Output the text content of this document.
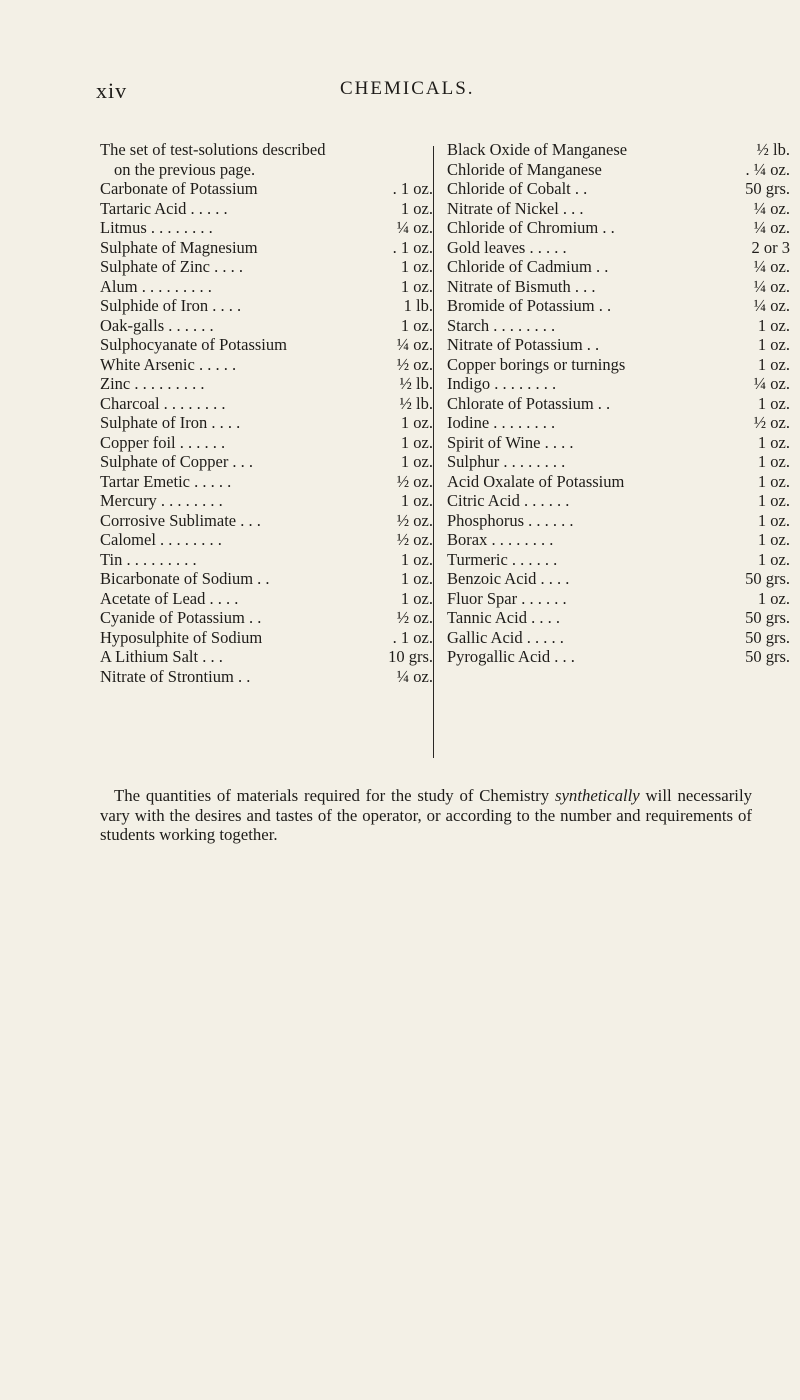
xiv	CHEMICALS.
The set of test-solutions described
on the previous page.
Carbonate of Potassium	. 1 oz.
Tartaric Acid . . . . .	1 oz.
Litmus . . . . . . . .	¼ oz.
Sulphate of Magnesium	. 1 oz.
Sulphate of Zinc . . . .	1 oz.
Alum . . . . . . . . .	1 oz.
Sulphide of Iron . . . .	1 lb.
Oak-galls . . . . . .	1 oz.
Sulphocyanate of Potassium	¼ oz.
White Arsenic . . . . .	½ oz.
Zinc . . . . . . . . .	½ lb.
Charcoal . . . . . . . .	½ lb.
Sulphate of Iron . . . .	1 oz.
Copper foil . . . . . .	1 oz.
Sulphate of Copper . . .	1 oz.
Tartar Emetic . . . . .	½ oz.
Mercury . . . . . . . .	1 oz.
Corrosive Sublimate . . .	½ oz.
Calomel . . . . . . . .	½ oz.
Tin . . . . . . . . .	1 oz.
Bicarbonate of Sodium . .	1 oz.
Acetate of Lead . . . .	1 oz.
Cyanide of Potassium . .	½ oz.
Hyposulphite of Sodium	. 1 oz.
A Lithium Salt . . .	10 grs.
Nitrate of Strontium . .	¼ oz.
Black Oxide of Manganese	½ lb.
Chloride of Manganese	. ¼ oz.
Chloride of Cobalt . .	50 grs.
Nitrate of Nickel . . .	¼ oz.
Chloride of Chromium . .	¼ oz.
Gold leaves . . . . .	2 or 3
Chloride of Cadmium . .	¼ oz.
Nitrate of Bismuth . . .	¼ oz.
Bromide of Potassium . .	¼ oz.
Starch . . . . . . . .	1 oz.
Nitrate of Potassium . .	1 oz.
Copper borings or turnings	1 oz.
Indigo . . . . . . . .	¼ oz.
Chlorate of Potassium . .	1 oz.
Iodine . . . . . . . .	½ oz.
Spirit of Wine . . . .	1 oz.
Sulphur . . . . . . . .	1 oz.
Acid Oxalate of Potassium	1 oz.
Citric Acid . . . . . .	1 oz.
Phosphorus . . . . . .	1 oz.
Borax . . . . . . . .	1 oz.
Turmeric . . . . . .	1 oz.
Benzoic Acid . . . .	50 grs.
Fluor Spar . . . . . .	1 oz.
Tannic Acid . . . .	50 grs.
Gallic Acid . . . . .	50 grs.
Pyrogallic Acid . . .	50 grs.

The quantities of materials required for the study of Chemistry synthetically will necessarily vary with the desires and tastes of the operator, or according to the number and requirements of students working together.
